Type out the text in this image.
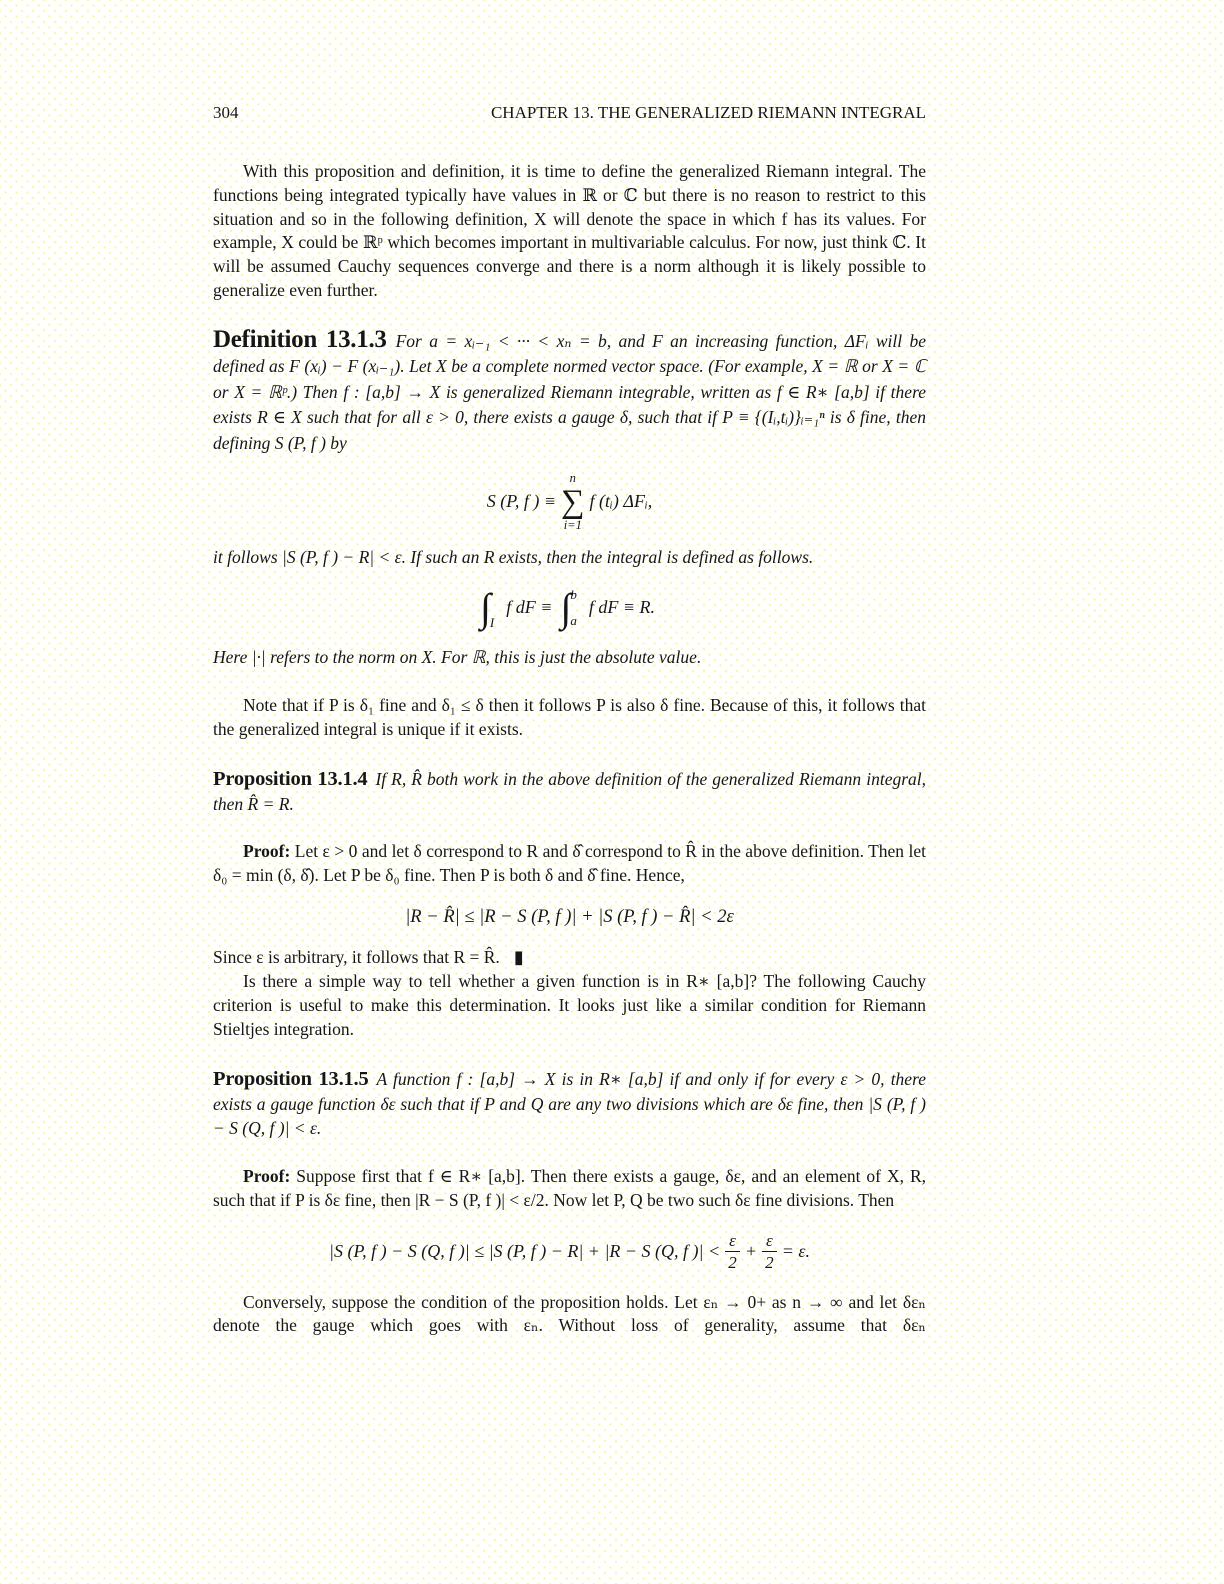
304	CHAPTER 13. THE GENERALIZED RIEMANN INTEGRAL

With this proposition and definition, it is time to define the generalized Riemann integral. The functions being integrated typically have values in ℝ or ℂ but there is no reason to restrict to this situation and so in the following definition, X will denote the space in which f has its values. For example, X could be ℝᵖ which becomes important in multivariable calculus. For now, just think ℂ. It will be assumed Cauchy sequences converge and there is a norm although it is likely possible to generalize even further.

Definition 13.1.3 For a = xᵢ₋₁ < ··· < xₙ = b, and F an increasing function, ΔFᵢ will be defined as F (xᵢ) − F (xᵢ₋₁). Let X be a complete normed vector space. (For example, X = ℝ or X = ℂ or X = ℝᵖ.) Then f : [a,b] → X is generalized Riemann integrable, written as f ∈ R∗ [a,b] if there exists R ∈ X such that for all ε > 0, there exists a gauge δ, such that if P ≡ {(Iᵢ,tᵢ)}ᵢ₌₁ⁿ is δ fine, then defining S (P, f ) by

S (P, f ) ≡
n
∑
i=1
f (tᵢ) ΔFᵢ,

it follows |S (P, f ) − R| < ε. If such an R exists, then the integral is defined as follows.

∫ I
f dF ≡ ∫ b
a
f dF ≡ R.

Here |·| refers to the norm on X. For ℝ, this is just the absolute value.

Note that if P is δ₁ fine and δ₁ ≤ δ then it follows P is also δ fine. Because of this, it follows that the generalized integral is unique if it exists.

Proposition 13.1.4 If R, R̂ both work in the above definition of the generalized Riemann integral, then R̂ = R.

Proof: Let ε > 0 and let δ correspond to R and δ̂ correspond to R̂ in the above definition. Then let δ₀ = min (δ, δ̂). Let P be δ₀ fine. Then P is both δ and δ̂ fine. Hence,

|R − R̂| ≤ |R − S (P, f )| + |S (P, f ) − R̂| < 2ε

Since ε is arbitrary, it follows that R = R̂. ▮

Is there a simple way to tell whether a given function is in R∗ [a,b]? The following Cauchy criterion is useful to make this determination. It looks just like a similar condition for Riemann Stieltjes integration.

Proposition 13.1.5 A function f : [a,b] → X is in R∗ [a,b] if and only if for every ε > 0, there exists a gauge function δε such that if P and Q are any two divisions which are δε fine, then |S (P, f ) − S (Q, f )| < ε.

Proof: Suppose first that f ∈ R∗ [a,b]. Then there exists a gauge, δε, and an element of X, R, such that if P is δε fine, then |R − S (P, f )| < ε/2. Now let P, Q be two such δε fine divisions. Then

|S (P, f ) − S (Q, f )| ≤ |S (P, f ) − R| + |R − S (Q, f )| < $\frac{\varepsilon}{2} + \frac{\varepsilon}{2} = \varepsilon$.

Conversely, suppose the condition of the proposition holds. Let εₙ → 0+ as n → ∞ and let δεₙ denote the gauge which goes with εₙ. Without loss of generality, assume that δεₙ
